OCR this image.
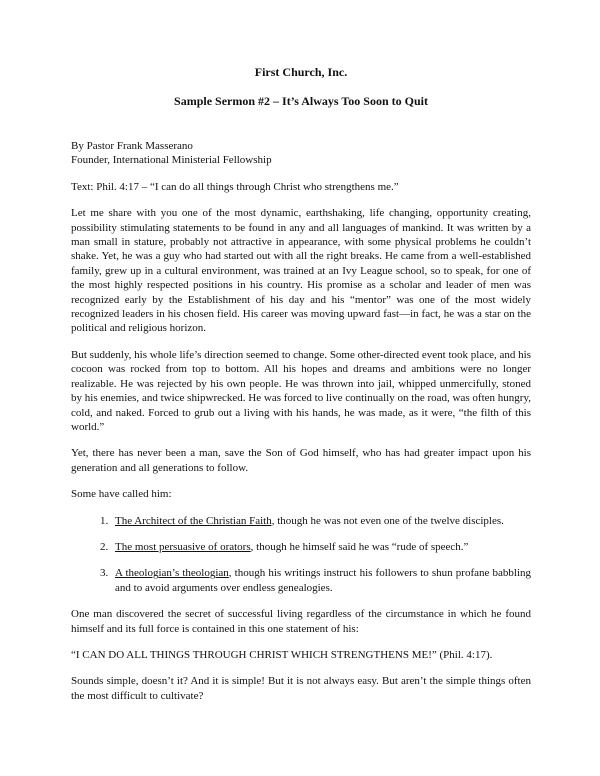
First Church, Inc.
Sample Sermon #2 – It’s Always Too Soon to Quit

By Pastor Frank Masserano

Founder, International Ministerial Fellowship

Text: Phil. 4:17 – “I can do all things through Christ who strengthens me.”

Let me share with you one of the most dynamic, earthshaking, life changing, opportunity creating, possibility stimulating statements to be found in any and all languages of mankind. It was written by a man small in stature, probably not attractive in appearance, with some physical problems he couldn’t shake. Yet, he was a guy who had started out with all the right breaks. He came from a well-established family, grew up in a cultural environment, was trained at an Ivy League school, so to speak, for one of the most highly respected positions in his country. His promise as a scholar and leader of men was recognized early by the Establishment of his day and his “mentor” was one of the most widely recognized leaders in his chosen field. His career was moving upward fast—in fact, he was a star on the political and religious horizon.

But suddenly, his whole life’s direction seemed to change. Some other-directed event took place, and his cocoon was rocked from top to bottom. All his hopes and dreams and ambitions were no longer realizable. He was rejected by his own people. He was thrown into jail, whipped unmercifully, stoned by his enemies, and twice shipwrecked. He was forced to live continually on the road, was often hungry, cold, and naked. Forced to grub out a living with his hands, he was made, as it were, “the filth of this world.”

Yet, there has never been a man, save the Son of God himself, who has had greater impact upon his generation and all generations to follow.

Some have called him:

1. The Architect of the Christian Faith, though he was not even one of the twelve disciples.
2. The most persuasive of orators, though he himself said he was “rude of speech.”
3. A theologian’s theologian, though his writings instruct his followers to shun profane babbling and to avoid arguments over endless genealogies.

One man discovered the secret of successful living regardless of the circumstance in which he found himself and its full force is contained in this one statement of his:

“I CAN DO ALL THINGS THROUGH CHRIST WHICH STRENGTHENS ME!” (Phil. 4:17).

Sounds simple, doesn’t it? And it is simple! But it is not always easy. But aren’t the simple things often the most difficult to cultivate?
